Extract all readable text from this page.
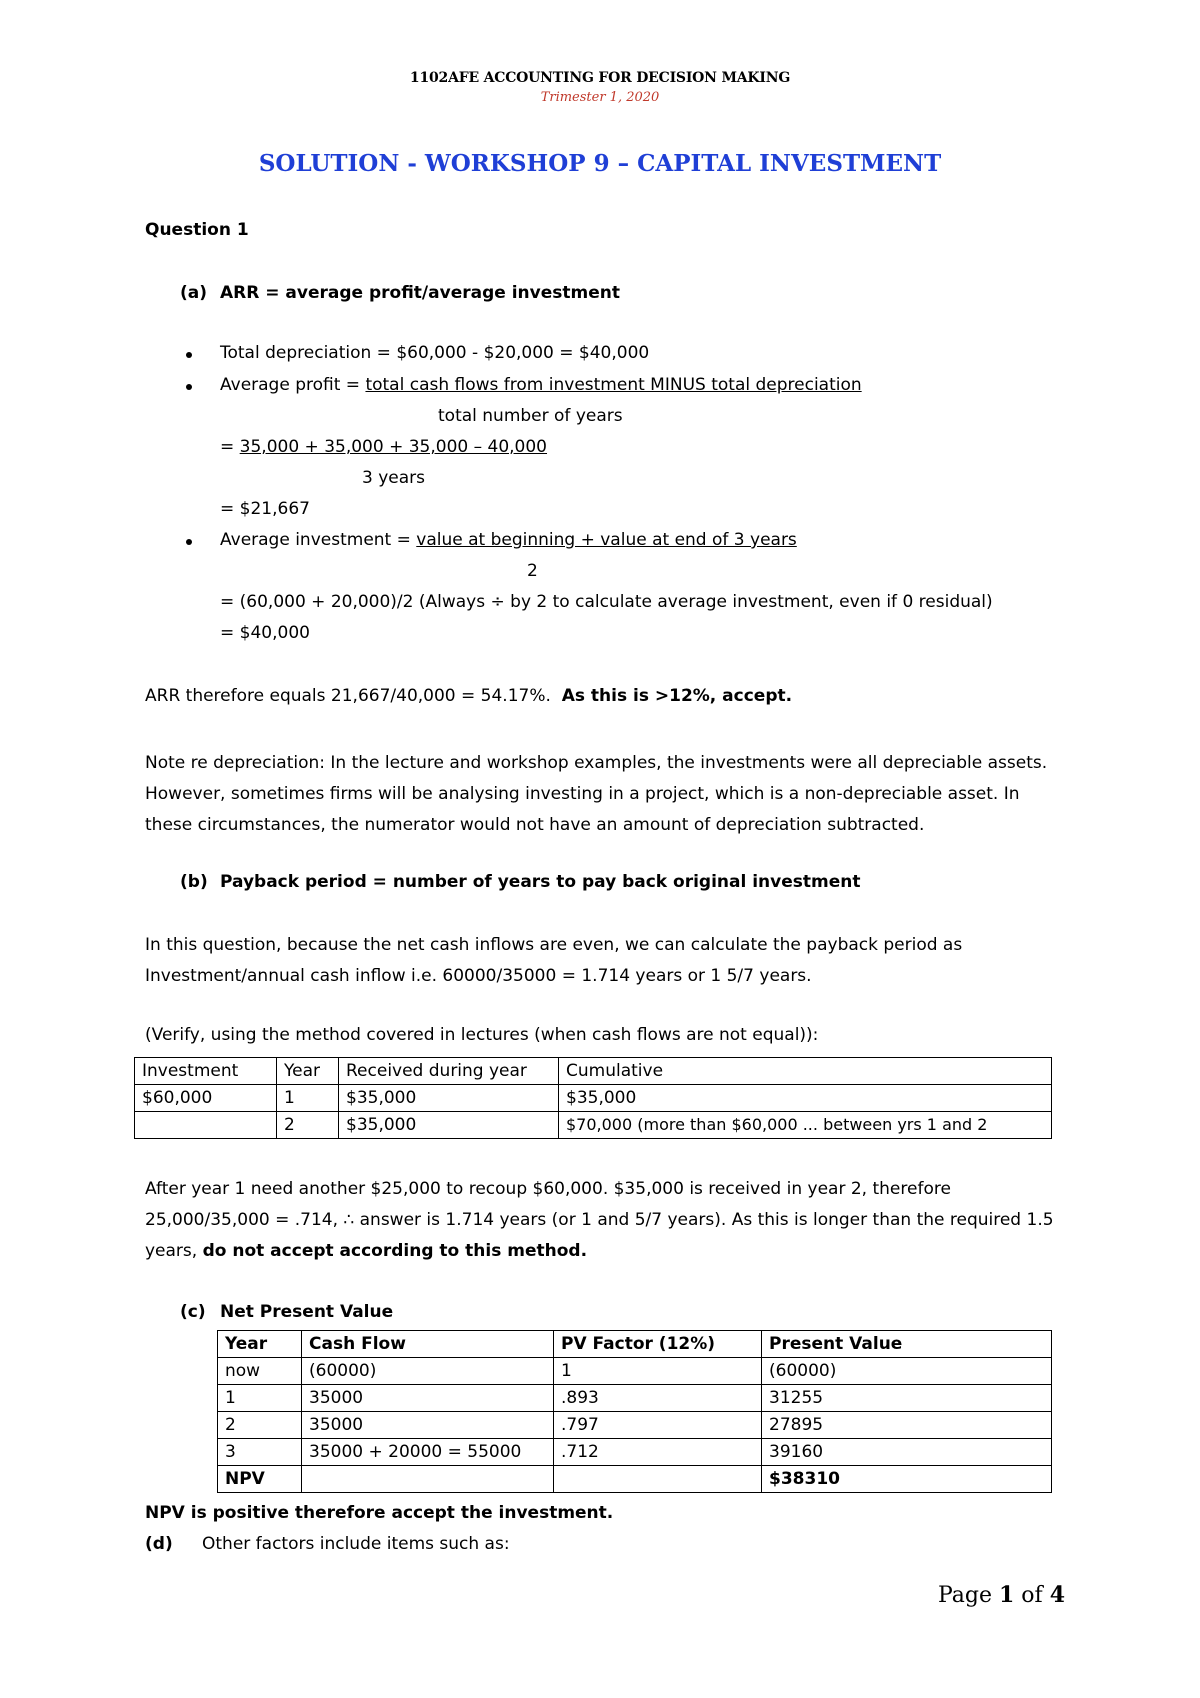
1102AFE ACCOUNTING FOR DECISION MAKING
Trimester 1, 2020
SOLUTION - WORKSHOP 9 – CAPITAL INVESTMENT
Question 1
(a) ARR = average profit/average investment
Total depreciation = $60,000 - $20,000 = $40,000
Average profit = total cash flows from investment MINUS total depreciation
total number of years
= 35,000 + 35,000 + 35,000 – 40,000
3 years
= $21,667
Average investment = value at beginning + value at end of 3 years
2
= (60,000 + 20,000)/2 (Always ÷ by 2 to calculate average investment, even if 0 residual)
= $40,000
ARR therefore equals 21,667/40,000 = 54.17%. As this is >12%, accept.
Note re depreciation: In the lecture and workshop examples, the investments were all depreciable assets. However, sometimes firms will be analysing investing in a project, which is a non-depreciable asset. In these circumstances, the numerator would not have an amount of depreciation subtracted.
(b) Payback period = number of years to pay back original investment
In this question, because the net cash inflows are even, we can calculate the payback period as Investment/annual cash inflow i.e. 60000/35000 = 1.714 years or 1 5/7 years.
(Verify, using the method covered in lectures (when cash flows are not equal)):
Investment	Year	Received during year	Cumulative
$60,000	1	$35,000	$35,000
	2	$35,000	$70,000 (more than $60,000 ... between yrs 1 and 2
After year 1 need another $25,000 to recoup $60,000. $35,000 is received in year 2, therefore 25,000/35,000 = .714, ∴ answer is 1.714 years (or 1 and 5/7 years). As this is longer than the required 1.5 years, do not accept according to this method.
(c) Net Present Value
Year	Cash Flow	PV Factor (12%)	Present Value
now	(60000)	1	(60000)
1	35000	.893	31255
2	35000	.797	27895
3	35000 + 20000 = 55000	.712	39160
NPV			$38310
NPV is positive therefore accept the investment.
(d) Other factors include items such as:
Page 1 of 4
